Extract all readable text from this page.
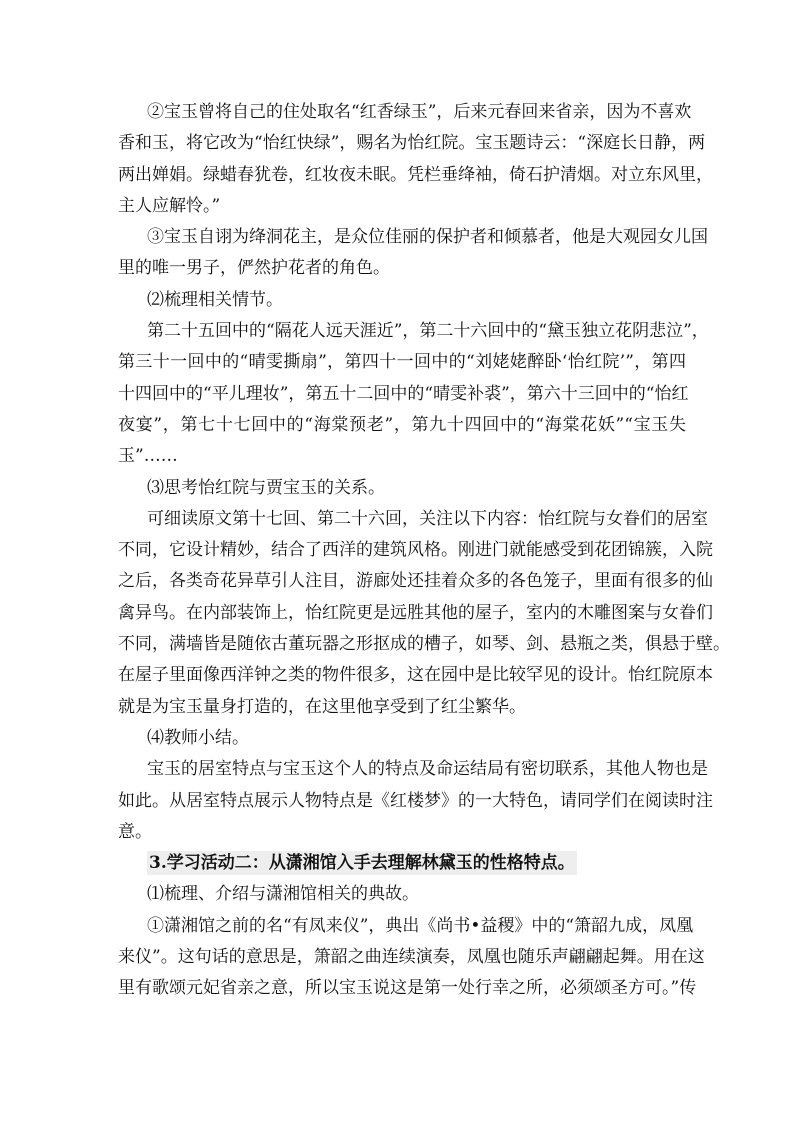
②宝玉曾将自己的住处取名“红香绿玉”，后来元春回来省亲，因为不喜欢
香和玉，将它改为“怡红快绿”，赐名为怡红院。宝玉题诗云：“深庭长日静，两
两出婵娟。绿蜡春犹卷，红妆夜未眠。凭栏垂绛袖，倚石护清烟。对立东风里，
主人应解怜。”
③宝玉自诩为绛洞花主，是众位佳丽的保护者和倾慕者，他是大观园女儿国
里的唯一男子，俨然护花者的角色。
⑵梳理相关情节。
第二十五回中的“隔花人远天涯近”，第二十六回中的“黛玉独立花阴悲泣”，
第三十一回中的“晴雯撕扇”，第四十一回中的“刘姥姥醉卧‘怡红院’”，第四
十四回中的“平儿理妆”，第五十二回中的“晴雯补裘”，第六十三回中的“怡红
夜宴”，第七十七回中的“海棠预老”，第九十四回中的“海棠花妖”“宝玉失
玉”……
⑶思考怡红院与贾宝玉的关系。
可细读原文第十七回、第二十六回，关注以下内容：怡红院与女眷们的居室
不同，它设计精妙，结合了西洋的建筑风格。刚进门就能感受到花团锦簇，入院
之后，各类奇花异草引人注目，游廊处还挂着众多的各色笼子，里面有很多的仙
禽异鸟。在内部装饰上，怡红院更是远胜其他的屋子，室内的木雕图案与女眷们
不同，满墙皆是随依古董玩器之形抠成的槽子，如琴、剑、悬瓶之类，俱悬于壁。
在屋子里面像西洋钟之类的物件很多，这在园中是比较罕见的设计。怡红院原本
就是为宝玉量身打造的，在这里他享受到了红尘繁华。
⑷教师小结。
宝玉的居室特点与宝玉这个人的特点及命运结局有密切联系，其他人物也是
如此。从居室特点展示人物特点是《红楼梦》的一大特色，请同学们在阅读时注
意。
3.学习活动二：从潇湘馆入手去理解林黛玉的性格特点。
⑴梳理、介绍与潇湘馆相关的典故。
①潇湘馆之前的名“有凤来仪”，典出《尚书•益稷》中的“箫韶九成，凤凰
来仪”。这句话的意思是，箫韶之曲连续演奏，凤凰也随乐声翩翩起舞。用在这
里有歌颂元妃省亲之意，所以宝玉说这是第一处行幸之所，必须颂圣方可。”传
